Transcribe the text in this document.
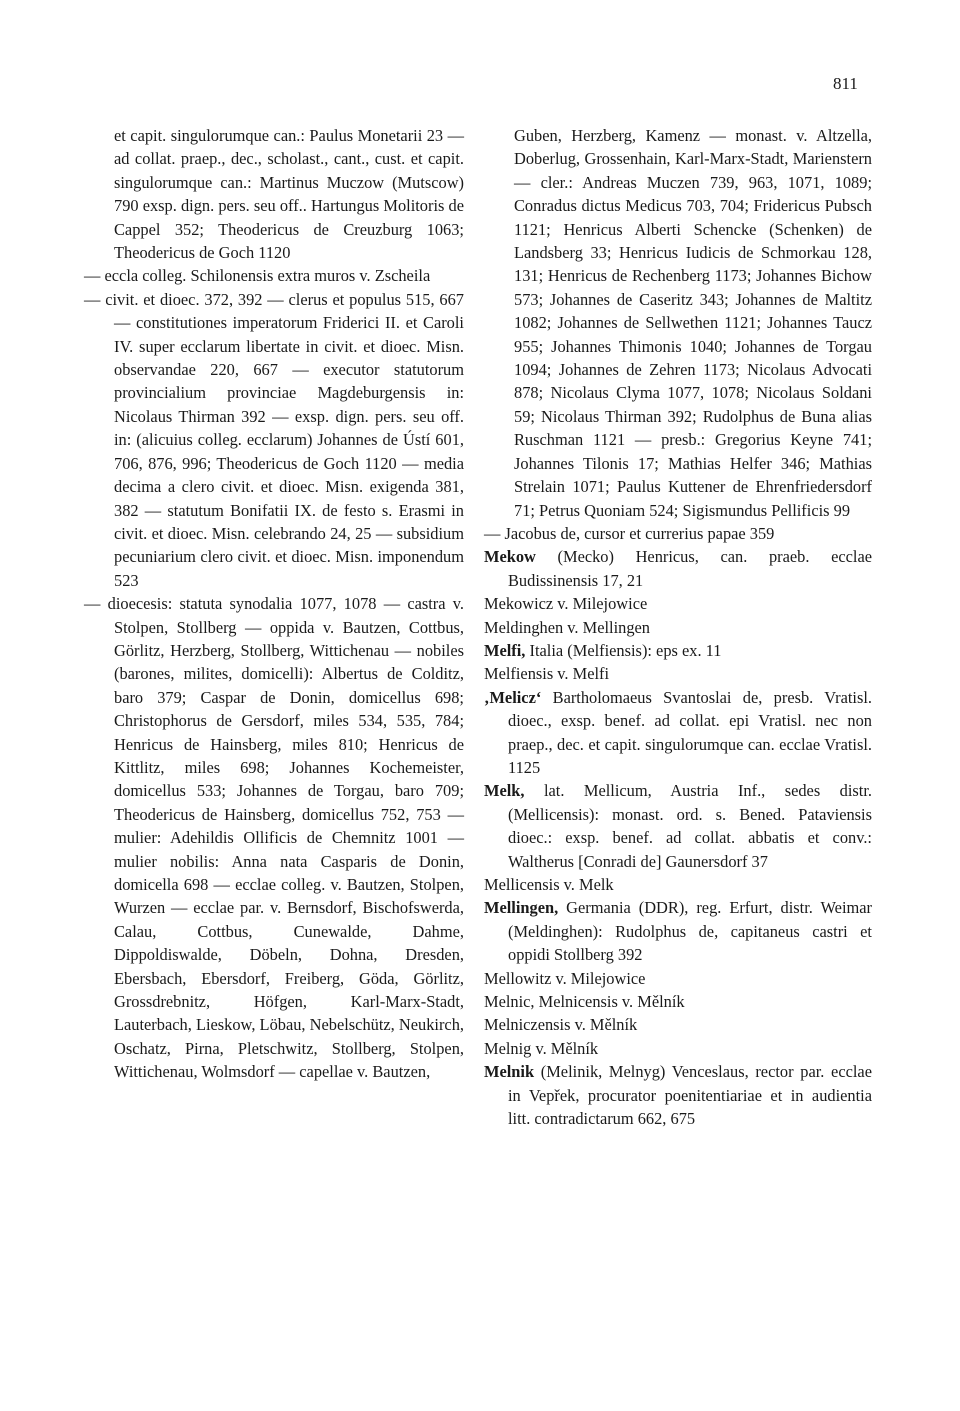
811

et capit. singulorumque can.: Paulus Monetarii 23 — ad collat. praep., dec., scholast., cant., cust. et capit. singulorumque can.: Martinus Muczow (Mutscow) 790 exsp. dign. pers. seu off.. Hartungus Molitoris de Cappel 352; Theodericus de Creuzburg 1063; Theodericus de Goch 1120

— eccla colleg. Schilonensis extra muros v. Zscheila

— civit. et dioec. 372, 392 — clerus et populus 515, 667 — constitutiones imperatorum Friderici II. et Caroli IV. super ecclarum libertate in civit. et dioec. Misn. observandae 220, 667 — executor statutorum provincialium provinciae Magdeburgensis in: Nicolaus Thirman 392 — exsp. dign. pers. seu off. in: (alicuius colleg. ecclarum) Johannes de Ústí 601, 706, 876, 996; Theodericus de Goch 1120 — media decima a clero civit. et dioec. Misn. exigenda 381, 382 — statutum Bonifatii IX. de festo s. Erasmi in civit. et dioec. Misn. celebrando 24, 25 — subsidium pecuniarium clero civit. et dioec. Misn. imponendum 523

— dioecesis: statuta synodalia 1077, 1078 — castra v. Stolpen, Stollberg — oppida v. Bautzen, Cottbus, Görlitz, Herzberg, Stollberg, Wittichenau — nobiles (barones, milites, domicelli): Albertus de Colditz, baro 379; Caspar de Donin, domicellus 698; Christophorus de Gersdorf, miles 534, 535, 784; Henricus de Hainsberg, miles 810; Henricus de Kittlitz, miles 698; Johannes Kochemeister, domicellus 533; Johannes de Torgau, baro 709; Theodericus de Hainsberg, domicellus 752, 753 — mulier: Adehildis Ollificis de Chemnitz 1001 — mulier nobilis: Anna nata Casparis de Donin, domicella 698 — ecclae colleg. v. Bautzen, Stolpen, Wurzen — ecclae par. v. Bernsdorf, Bischofswerda, Calau, Cottbus, Cunewalde, Dahme, Dippoldiswalde, Döbeln, Dohna, Dresden, Ebersbach, Ebersdorf, Freiberg, Göda, Görlitz, Grossdrebnitz, Höfgen, Karl-Marx-Stadt, Lauterbach, Lieskow, Löbau, Nebelschütz, Neukirch, Oschatz, Pirna, Pletschwitz, Stollberg, Stolpen, Wittichenau, Wolmsdorf — capellae v. Bautzen,

Guben, Herzberg, Kamenz — monast. v. Altzella, Doberlug, Grossenhain, Karl-Marx-Stadt, Marienstern — cler.: Andreas Muczen 739, 963, 1071, 1089; Conradus dictus Medicus 703, 704; Fridericus Pubsch 1121; Henricus Alberti Schencke (Schenken) de Landsberg 33; Henricus Iudicis de Schmorkau 128, 131; Henricus de Rechenberg 1173; Johannes Bichow 573; Johannes de Caseritz 343; Johannes de Maltitz 1082; Johannes de Sellwethen 1121; Johannes Taucz 955; Johannes Thimonis 1040; Johannes de Torgau 1094; Johannes de Zehren 1173; Nicolaus Advocati 878; Nicolaus Clyma 1077, 1078; Nicolaus Soldani 59; Nicolaus Thirman 392; Rudolphus de Buna alias Ruschman 1121 — presb.: Gregorius Keyne 741; Johannes Tilonis 17; Mathias Helfer 346; Mathias Strelain 1071; Paulus Kuttener de Ehrenfriedersdorf 71; Petrus Quoniam 524; Sigismundus Pellificis 99

— Jacobus de, cursor et currerius papae 359

Mekow (Mecko) Henricus, can. praeb. ecclae Budissinensis 17, 21

Mekowicz v. Milejowice

Meldinghen v. Mellingen

Melfi, Italia (Melfiensis): eps ex. 11

Melfiensis v. Melfi

‚Melicz‘ Bartholomaeus Svantoslai de, presb. Vratisl. dioec., exsp. benef. ad collat. epi Vratisl. nec non praep., dec. et capit. singulorumque can. ecclae Vratisl. 1125

Melk, lat. Mellicum, Austria Inf., sedes distr. (Mellicensis): monast. ord. s. Bened. Pataviensis dioec.: exsp. benef. ad collat. abbatis et conv.: Waltherus [Conradi de] Gaunersdorf 37

Mellicensis v. Melk

Mellingen, Germania (DDR), reg. Erfurt, distr. Weimar (Meldinghen): Rudolphus de, capitaneus castri et oppidi Stollberg 392

Mellowitz v. Milejowice

Melnic, Melnicensis v. Mělník

Melniczensis v. Mělník

Melnig v. Mělník

Melnik (Melinik, Melnyg) Venceslaus, rector par. ecclae in Vepřek, procurator poenitentiariae et in audientia litt. contradictarum 662, 675
